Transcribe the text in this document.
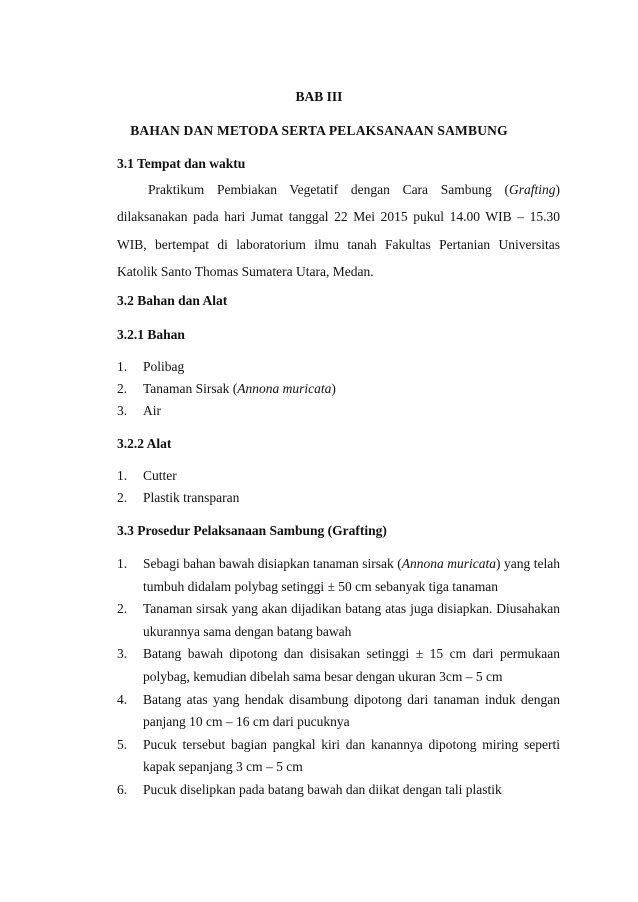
BAB III
BAHAN DAN METODA SERTA PELAKSANAAN SAMBUNG
3.1 Tempat dan waktu
Praktikum Pembiakan Vegetatif dengan Cara Sambung (Grafting)
dilaksanakan pada hari Jumat tanggal 22 Mei 2015 pukul 14.00 WIB – 15.30
WIB, bertempat di laboratorium ilmu tanah Fakultas Pertanian Universitas
Katolik Santo Thomas Sumatera Utara, Medan.
3.2 Bahan dan Alat
3.2.1 Bahan
1. Polibag
2. Tanaman Sirsak (Annona muricata)
3. Air
3.2.2 Alat
1. Cutter
2. Plastik transparan
3.3 Prosedur Pelaksanaan Sambung (Grafting)
1. Sebagi bahan bawah disiapkan tanaman sirsak (Annona muricata) yang telah
tumbuh didalam polybag setinggi ± 50 cm sebanyak tiga tanaman
2. Tanaman sirsak yang akan dijadikan batang atas juga disiapkan. Diusahakan
ukurannya sama dengan batang bawah
3. Batang bawah dipotong dan disisakan setinggi ± 15 cm dari permukaan
polybag, kemudian dibelah sama besar dengan ukuran 3cm – 5 cm
4. Batang atas yang hendak disambung dipotong dari tanaman induk dengan
panjang 10 cm – 16 cm dari pucuknya
5. Pucuk tersebut bagian pangkal kiri dan kanannya dipotong miring seperti
kapak sepanjang 3 cm – 5 cm
6. Pucuk diselipkan pada batang bawah dan diikat dengan tali plastik
